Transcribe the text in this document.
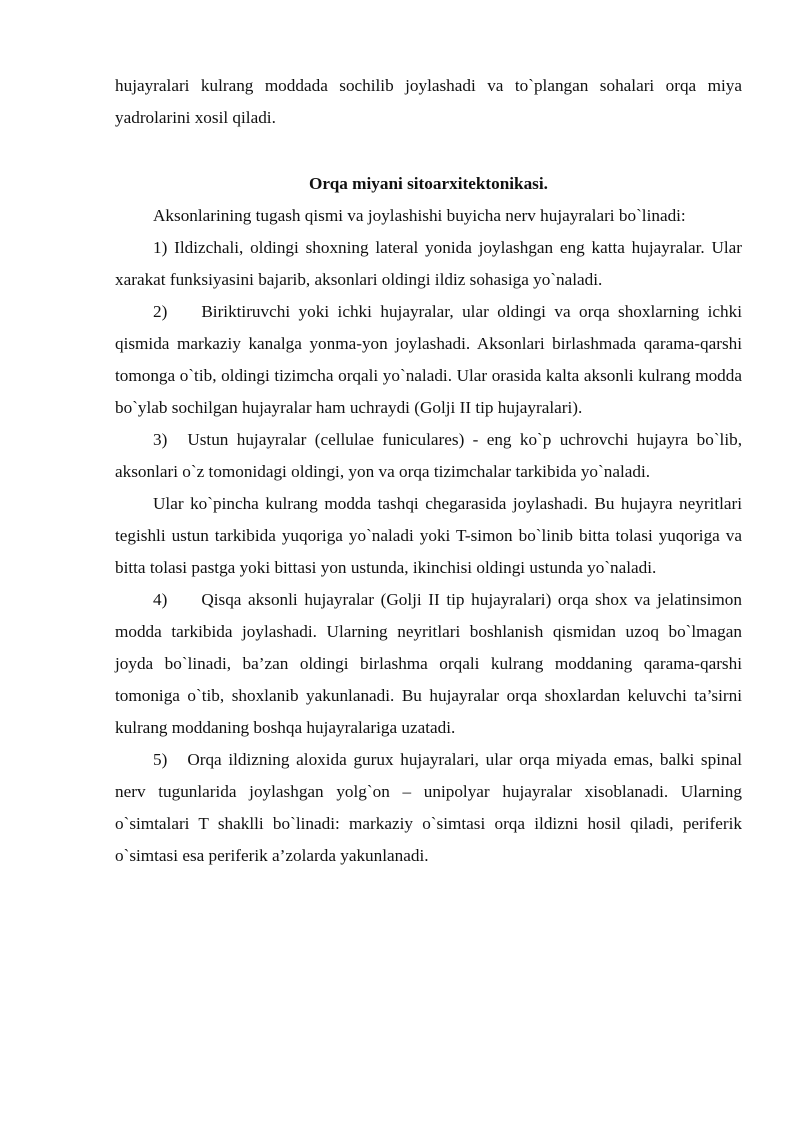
hujayralari kulrang moddada sochilib joylashadi va to`plangan sohalari orqa miya yadrolarini xosil qiladi.

Orqa miyani sitoarxitektonikasi.

Aksonlarining tugash qismi va joylashishi buyicha nerv hujayralari bo`linadi:

1) Ildizchali, oldingi shoxning lateral yonida joylashgan eng katta hujayralar. Ular xarakat funksiyasini bajarib, aksonlari oldingi ildiz sohasiga yo`naladi.

2) Biriktiruvchi yoki ichki hujayralar, ular oldingi va orqa shoxlarning ichki qismida markaziy kanalga yonma-yon joylashadi. Aksonlari birlashmada qarama-qarshi tomonga o`tib, oldingi tizimcha orqali yo`naladi. Ular orasida kalta aksonli kulrang modda bo`ylab sochilgan hujayralar ham uchraydi (Golji II tip hujayralari).

3) Ustun hujayralar (cellulae funiculares) - eng ko`p uchrovchi hujayra bo`lib, aksonlari o`z tomonidagi oldingi, yon va orqa tizimchalar tarkibida yo`naladi.

Ular ko`pincha kulrang modda tashqi chegarasida joylashadi. Bu hujayra neyritlari tegishli ustun tarkibida yuqoriga yo`naladi yoki T-simon bo`linib bitta tolasi yuqoriga va bitta tolasi pastga yoki bittasi yon ustunda, ikinchisi oldingi ustunda yo`naladi.

4) Qisqa aksonli hujayralar (Golji II tip hujayralari) orqa shox va jelatinsimon modda tarkibida joylashadi. Ularning neyritlari boshlanish qismidan uzoq bo`lmagan joyda bo`linadi, ba’zan oldingi birlashma orqali kulrang moddaning qarama-qarshi tomoniga o`tib, shoxlanib yakunlanadi. Bu hujayralar orqa shoxlardan keluvchi ta’sirni kulrang moddaning boshqa hujayralariga uzatadi.

5) Orqa ildizning aloxida gurux hujayralari, ular orqa miyada emas, balki spinal nerv tugunlarida joylashgan yolg`on – unipolyar hujayralar xisoblanadi. Ularning o`simtalari T shaklli bo`linadi: markaziy o`simtasi orqa ildizni hosil qiladi, periferik o`simtasi esa periferik a’zolarda yakunlanadi.
